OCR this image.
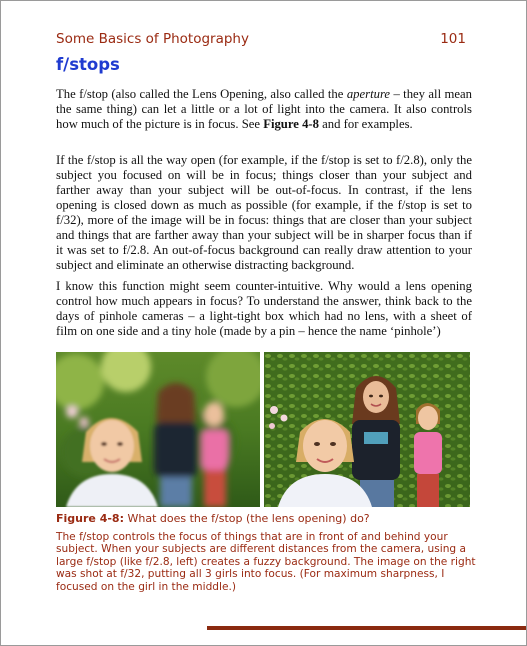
Some Basics of Photography	101
f/stops

The f/stop (also called the Lens Opening, also called the aperture – they all mean the same thing) can let a little or a lot of light into the camera. It also controls how much of the picture is in focus. See Figure 4-8 and for examples.

If the f/stop is all the way open (for example, if the f/stop is set to f/2.8), only the subject you focused on will be in focus; things closer than your subject and farther away than your subject will be out-of-focus. In contrast, if the lens opening is closed down as much as possible (for example, if the f/stop is set to f/32), more of the image will be in focus: things that are closer than your subject and things that are farther away than your subject will be in sharper focus than if it was set to f/2.8. An out-of-focus background can really draw attention to your subject and eliminate an otherwise distracting background.

I know this function might seem counter-intuitive. Why would a lens opening control how much appears in focus? To understand the answer, think back to the days of pinhole cameras – a light-tight box which had no lens, with a sheet of film on one side and a tiny hole (made by a pin – hence the name ‘pinhole’)

Figure 4-8: What does the f/stop (the lens opening) do?

The f/stop controls the focus of things that are in front of and behind your subject. When your subjects are different distances from the camera, using a large f/stop (like f/2.8, left) creates a fuzzy background. The image on the right was shot at f/32, putting all 3 girls into focus. (For maximum sharpness, I focused on the girl in the middle.)
